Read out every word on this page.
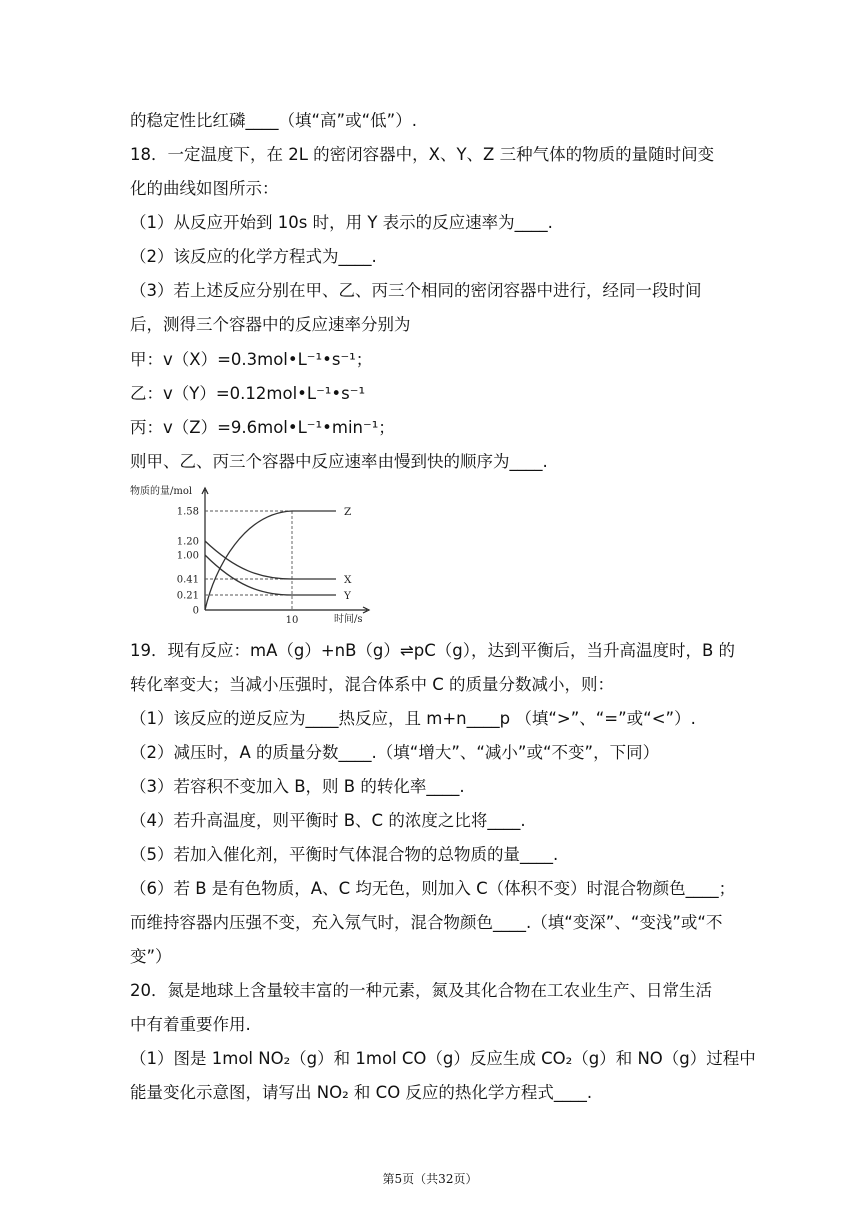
的稳定性比红磷____（填“高”或“低”）.
18．一定温度下，在 2L 的密闭容器中，X、Y、Z 三种气体的物质的量随时间变
化的曲线如图所示：
（1）从反应开始到 10s 时，用 Y 表示的反应速率为____.
（2）该反应的化学方程式为____.
（3）若上述反应分别在甲、乙、丙三个相同的密闭容器中进行，经同一段时间
后，测得三个容器中的反应速率分别为
甲：v（X）=0.3mol•L⁻¹•s⁻¹；
乙：v（Y）=0.12mol•L⁻¹•s⁻¹
丙：v（Z）=9.6mol•L⁻¹•min⁻¹；
则甲、乙、丙三个容器中反应速率由慢到快的顺序为____.
物质的量/mol
时间/s
1.58
1.20
1.00
0.41
0.21
0
10
Z
X
Y
19．现有反应：mA（g）+nB（g）⇌pC（g），达到平衡后，当升高温度时，B 的
转化率变大；当减小压强时，混合体系中 C 的质量分数减小，则：
（1）该反应的逆反应为____热反应，且 m+n____p （填“>”、“=”或“<”）.
（2）减压时，A 的质量分数____.（填“增大”、“减小”或“不变”，下同）
（3）若容积不变加入 B，则 B 的转化率____.
（4）若升高温度，则平衡时 B、C 的浓度之比将____.
（5）若加入催化剂，平衡时气体混合物的总物质的量____.
（6）若 B 是有色物质，A、C 均无色，则加入 C（体积不变）时混合物颜色____；
而维持容器内压强不变，充入氖气时，混合物颜色____.（填“变深”、“变浅”或“不
变”）
20．氮是地球上含量较丰富的一种元素，氮及其化合物在工农业生产、日常生活
中有着重要作用.
（1）图是 1mol NO₂（g）和 1mol CO（g）反应生成 CO₂（g）和 NO（g）过程中
能量变化示意图，请写出 NO₂ 和 CO 反应的热化学方程式____.
第5页（共32页）
